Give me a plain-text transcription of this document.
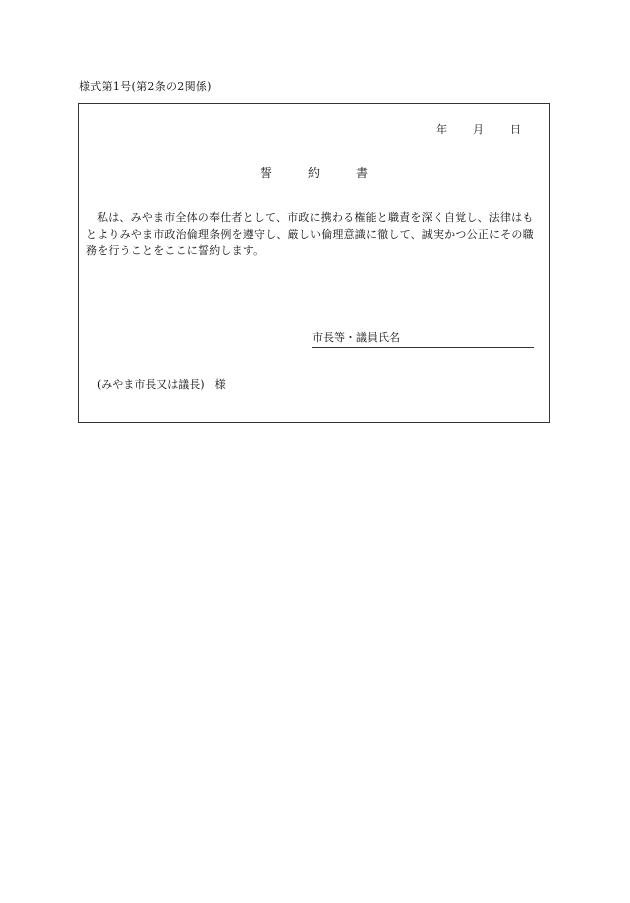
様式第1号(第2条の2関係)
年 月 日
誓	約	書
私は、みやま市全体の奉仕者として、市政に携わる権能と職責を深く自覚し、法律はもとよりみやま市政治倫理条例を遵守し、厳しい倫理意識に徹して、誠実かつ公正にその職務を行うことをここに誓約します。
市長等・議員氏名
(みやま市長又は議長) 様
